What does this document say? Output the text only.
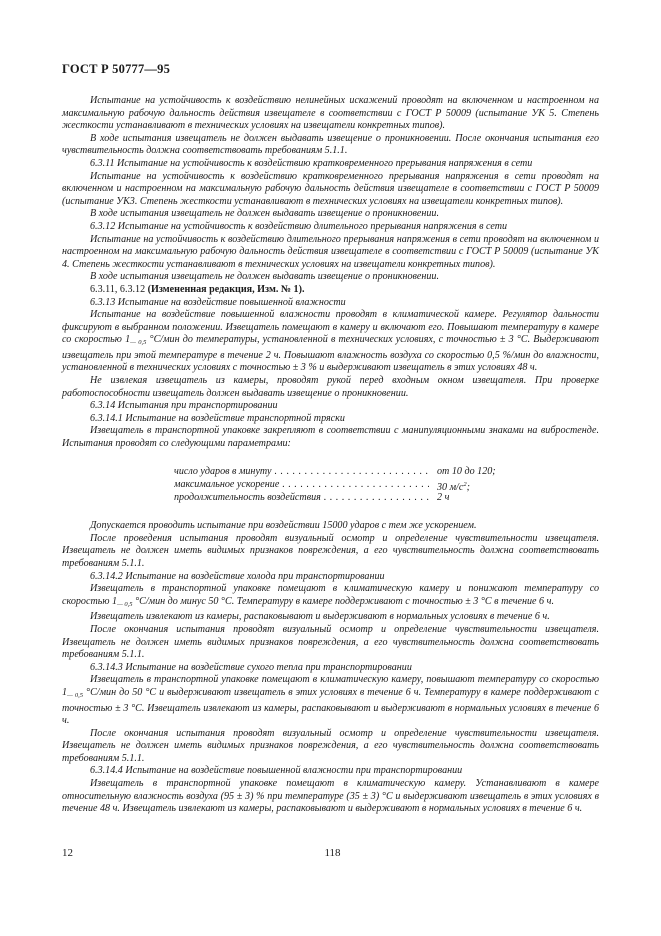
ГОСТ Р 50777—95

Испытание на устойчивость к воздействию нелинейных искажений проводят на включенном и настроенном на максимальную рабочую дальность действия извещателе в соответствии с ГОСТ Р 50009 (испытание УК 5. Степень жесткости устанавливают в технических условиях на извещатели конкретных типов).

В ходе испытания извещатель не должен выдавать извещение о проникновении. После окончания испытания его чувствительность должна соответствовать требованиям 5.1.1.

6.3.11 Испытание на устойчивость к воздействию кратковременного прерывания напряжения в сети

Испытание на устойчивость к воздействию кратковременного прерывания напряжения в сети проводят на включенном и настроенном на максимальную рабочую дальность действия извещателе в соответствии с ГОСТ Р 50009 (испытание УК3. Степень жесткости устанавливают в технических условиях на извещатели конкретных типов).

В ходе испытания извещатель не должен выдавать извещение о проникновении.

6.3.12 Испытание на устойчивость к воздействию длительного прерывания напряжения в сети

Испытание на устойчивость к воздействию длительного прерывания напряжения в сети проводят на включенном и настроенном на максимальную рабочую дальность действия извещателе в соответствии с ГОСТ Р 50009 (испытание УК 4. Степень жесткости устанавливают в технических условиях на извещатели конкретных типов).

В ходе испытания извещатель не должен выдавать извещение о проникновении.

6.3.11, 6.3.12 (Измененная редакция, Изм. № 1).

6.3.13 Испытание на воздействие повышенной влажности

Испытание на воздействие повышенной влажности проводят в климатической камере. Регулятор дальности фиксируют в выбранном положении. Извещатель помещают в камеру и включают его. Повышают температуру в камере со скоростью $1_{— 0,5}$ °С/мин до температуры, установленной в технических условиях, с точностью ± 3 °С. Выдерживают извещатель при этой температуре в течение 2 ч. Повышают влажность воздуха со скоростью 0,5 %/мин до влажности, установленной в технических условиях с точностью ± 3 % и выдерживают извещатель в этих условиях 48 ч.

Не извлекая извещатель из камеры, проводят рукой перед входным окном извещателя. При проверке работоспособности извещатель должен выдавать извещение о проникновении.

6.3.14 Испытания при транспортировании

6.3.14.1 Испытание на воздействие транспортной тряски

Извещатель в транспортной упаковке закрепляют в соответствии с манипуляционными знаками на вибростенде. Испытания проводят со следующими параметрами:

число ударов в минуту . . .	от 10 до 120;
максимальное ускорение . . .	30 $м/с^2$;
продолжительность воздействия . . .	2 ч

Допускается проводить испытание при воздействии 15000 ударов с тем же ускорением.

После проведения испытания проводят визуальный осмотр и определение чувствительности извещателя. Извещатель не должен иметь видимых признаков повреждения, а его чувствительность должна соответствовать требованиям 5.1.1.

6.3.14.2 Испытание на воздействие холода при транспортировании

Извещатель в транспортной упаковке помещают в климатическую камеру и понижают температуру со скоростью $1_{— 0,5}$ °С/мин до минус 50 °С. Температуру в камере поддерживают с точностью ± 3 °С в течение 6 ч.

Извещатель извлекают из камеры, распаковывают и выдерживают в нормальных условиях в течение 6 ч.

После окончания испытания проводят визуальный осмотр и определение чувствительности извещателя. Извещатель не должен иметь видимых признаков повреждения, а его чувствительность должна соответствовать требованиям 5.1.1.

6.3.14.3 Испытание на воздействие сухого тепла при транспортировании

Извещатель в транспортной упаковке помещают в климатическую камеру, повышают температуру со скоростью $1_{— 0,5}$ °С/мин до 50 °С и выдерживают извещатель в этих условиях в течение 6 ч. Температуру в камере поддерживают с точностью ± 3 °С. Извещатель извлекают из камеры, распаковывают и выдерживают в нормальных условиях в течение 6 ч.

После окончания испытания проводят визуальный осмотр и определение чувствительности извещателя. Извещатель не должен иметь видимых признаков повреждения, а его чувствительность должна соответствовать требованиям 5.1.1.

6.3.14.4 Испытание на воздействие повышенной влажности при транспортировании

Извещатель в транспортной упаковке помещают в климатическую камеру. Устанавливают в камере относительную влажность воздуха (95 ± 3) % при температуре (35 ± 3) °С и выдерживают извещатель в этих условиях в течение 48 ч. Извещатель извлекают из камеры, распаковывают и выдерживают в нормальных условиях в течение 6 ч.

12	118
